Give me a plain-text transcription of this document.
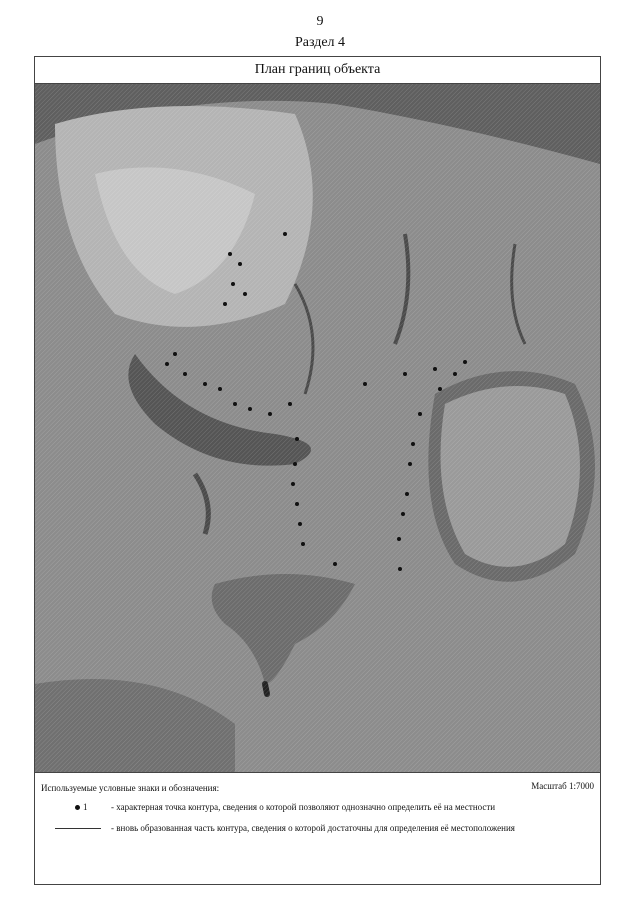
9
Раздел 4
План границ объекта
Используемые условные знаки и обозначения:	Масштаб 1:7000
1	- характерная точка контура, сведения о которой позволяют однозначно определить её на местности
- вновь образованная часть контура, сведения о которой достаточны для определения её местоположения
